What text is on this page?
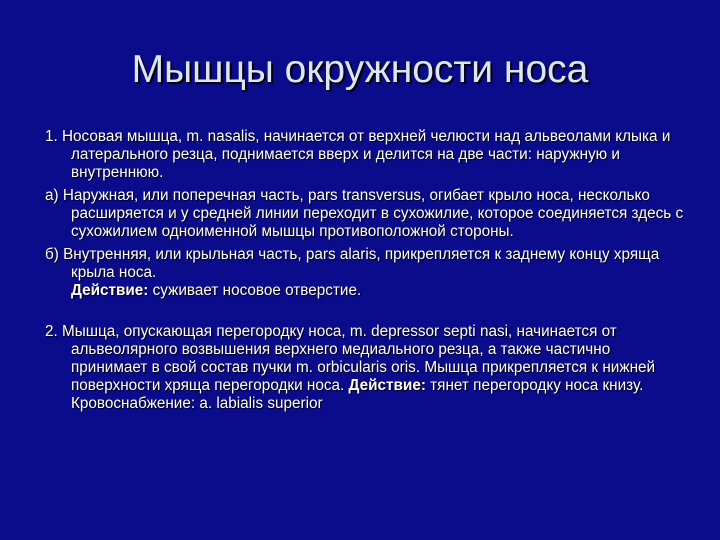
Мышцы окружности носа

1. Носовая мышца, m. nasalis, начинается от верхней челюсти над альвеолами клыка и латерального резца, поднимается вверх и делится на две части: наружную и внутреннюю.

а) Наружная, или поперечная часть, pars transversus, огибает крыло носа, несколько расширяется и у средней линии переходит в сухожилие, которое соединяется здесь с сухожилием одноименной мышцы противоположной стороны.

б) Внутренняя, или крыльная часть, pars alaris, прикрепляется к заднему концу хряща крыла носа.
Действие: суживает носовое отверстие.

2. Мышца, опускающая перегородку носа, m. depressor septi nasi, начинается от альвеолярного возвышения верхнего медиального резца, а также частично принимает в свой состав пучки m. orbicularis oris. Мышца прикрепляется к нижней поверхности хряща перегородки носа. Действие: тянет перегородку носа книзу. Кровоснабжение: a. labialis superior
